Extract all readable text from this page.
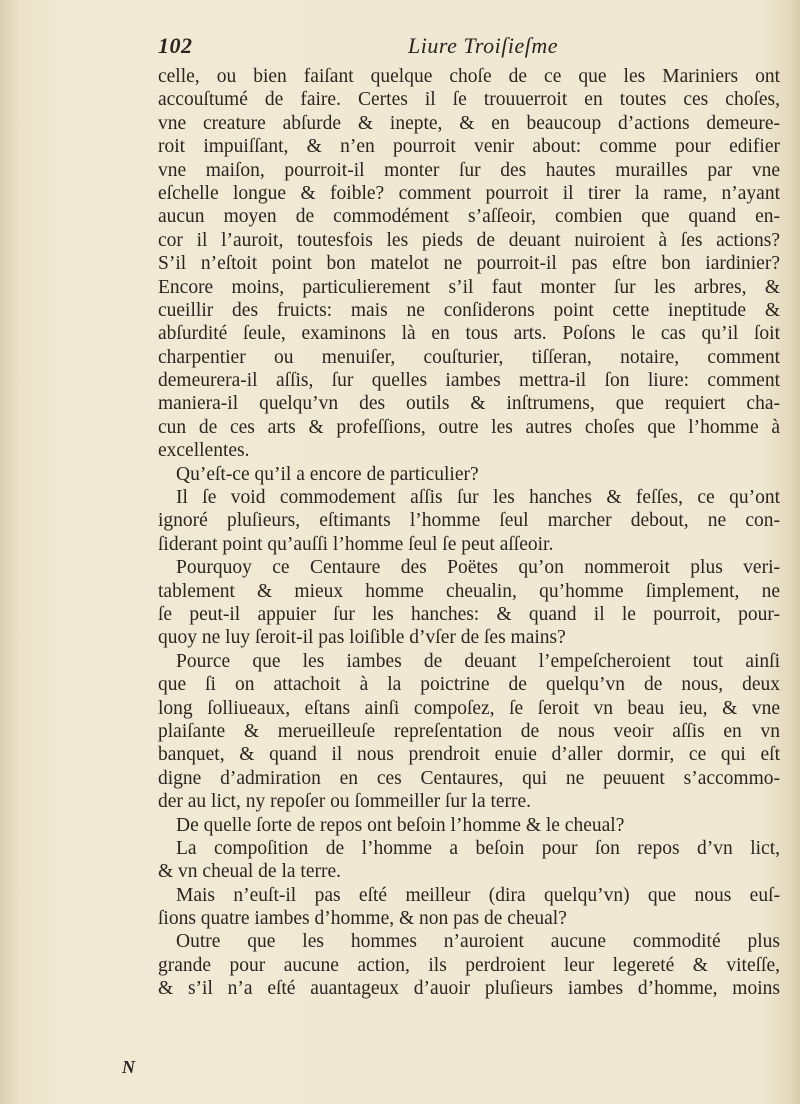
102	Liure Troiſieſme
celle, ou bien faiſant quelque choſe de ce que les Mariniers ont
accouſtumé de faire. Certes il ſe trouuerroit en toutes ces choſes,
vne creature abſurde & inepte, & en beaucoup d’actions demeure-
roit impuiſſant, & n’en pourroit venir about: comme pour edifier
vne maiſon, pourroit-il monter ſur des hautes murailles par vne
eſchelle longue & foible? comment pourroit il tirer la rame, n’ayant
aucun moyen de commodément s’aſſeoir, combien que quand en-
cor il l’auroit, toutesfois les pieds de deuant nuiroient à ſes actions?
S’il n’eſtoit point bon matelot ne pourroit-il pas eſtre bon iardinier?
Encore moins, particulierement s’il faut monter ſur les arbres, &
cueillir des fruicts: mais ne conſiderons point cette ineptitude &
abſurdité ſeule, examinons là en tous arts. Poſons le cas qu’il ſoit
charpentier ou menuiſer, couſturier, tiſſeran, notaire, comment
demeurera-il aſſis, ſur quelles iambes mettra-il ſon liure: comment
maniera-il quelqu’vn des outils & inſtrumens, que requiert cha-
cun de ces arts & profeſſions, outre les autres choſes que l’homme à
excellentes.
Qu’eſt-ce qu’il a encore de particulier?
Il ſe void commodement aſſis ſur les hanches & feſſes, ce qu’ont
ignoré pluſieurs, eſtimants l’homme ſeul marcher debout, ne con-
ſiderant point qu’auſſi l’homme ſeul ſe peut aſſeoir.
Pourquoy ce Centaure des Poëtes qu’on nommeroit plus veri-
tablement & mieux homme cheualin, qu’homme ſimplement, ne
ſe peut-il appuier ſur les hanches: & quand il le pourroit, pour-
quoy ne luy ſeroit-il pas loiſible d’vſer de ſes mains?
Pource que les iambes de deuant l’empeſcheroient tout ainſi
que ſi on attachoit à la poictrine de quelqu’vn de nous, deux
long ſolliueaux, eſtans ainſi compoſez, ſe ſeroit vn beau ieu, & vne
plaiſante & merueilleuſe repreſentation de nous veoir aſſis en vn
banquet, & quand il nous prendroit enuie d’aller dormir, ce qui eſt
digne d’admiration en ces Centaures, qui ne peuuent s’accommo-
der au lict, ny repoſer ou ſommeiller ſur la terre.
De quelle ſorte de repos ont beſoin l’homme & le cheual?
La compoſition de l’homme a beſoin pour ſon repos d’vn lict,
& vn cheual de la terre.
Mais n’euſt-il pas eſté meilleur (dira quelqu’vn) que nous euſ-
ſions quatre iambes d’homme, & non pas de cheual?
Outre que les hommes n’auroient aucune commodité plus
grande pour aucune action, ils perdroient leur legereté & viteſſe,
& s’il n’a eſté auantageux d’auoir pluſieurs iambes d’homme, moins
N
